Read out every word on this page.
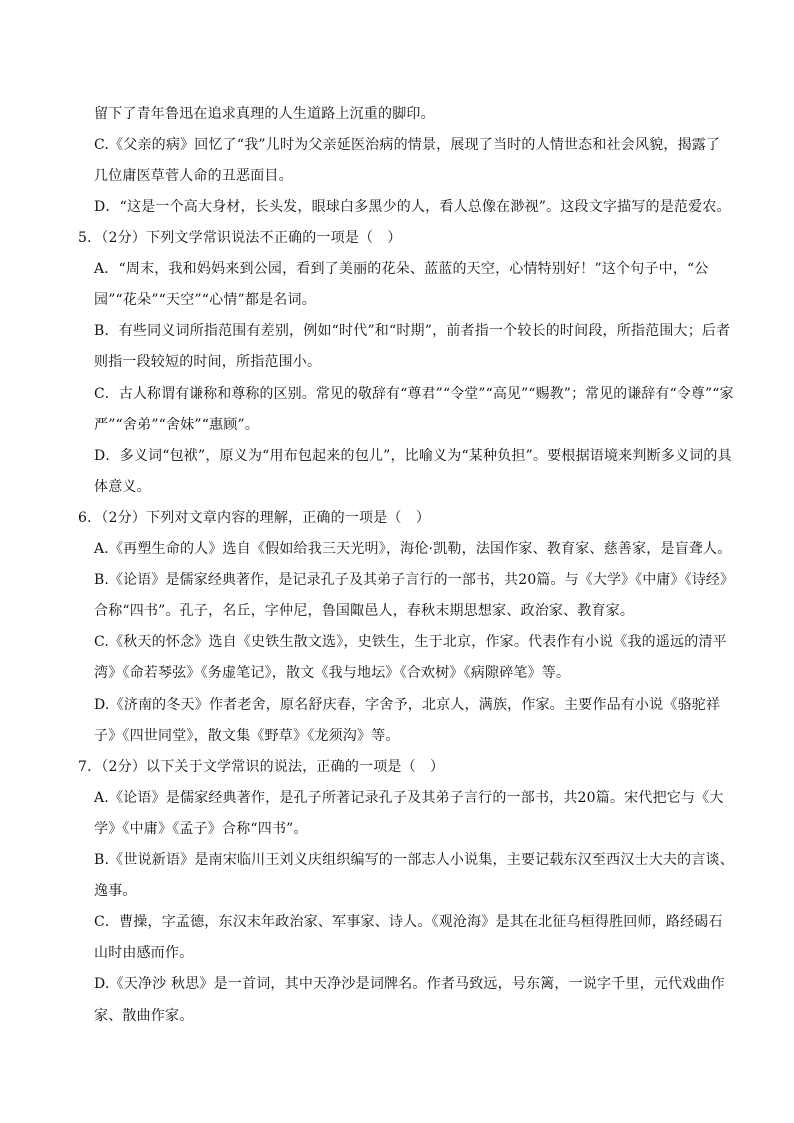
留下了青年鲁迅在追求真理的人生道路上沉重的脚印。
C.《父亲的病》回忆了“我”儿时为父亲延医治病的情景，展现了当时的人情世态和社会风貌，揭露了
几位庸医草菅人命的丑恶面目。
D．“这是一个高大身材，长头发，眼球白多黑少的人，看人总像在渺视”。这段文字描写的是范爱农。
5．（2分）下列文学常识说法不正确的一项是（　）
A．“周末，我和妈妈来到公园，看到了美丽的花朵、蓝蓝的天空，心情特别好！”这个句子中，“公
园”“花朵”“天空”“心情”都是名词。
B．有些同义词所指范围有差别，例如“时代”和“时期”，前者指一个较长的时间段，所指范围大；后者
则指一段较短的时间，所指范围小。
C．古人称谓有谦称和尊称的区别。常见的敬辞有“尊君”“令堂”“高见”“赐教”；常见的谦辞有“令尊”“家
严”“舍弟”“舍妹”“惠顾”。
D．多义词“包袱”，原义为“用布包起来的包儿”，比喻义为“某种负担”。要根据语境来判断多义词的具
体意义。
6．（2分）下列对文章内容的理解，正确的一项是（　）
A.《再塑生命的人》选自《假如给我三天光明》，海伦·凯勒，法国作家、教育家、慈善家，是盲聋人。
B.《论语》是儒家经典著作，是记录孔子及其弟子言行的一部书，共20篇。与《大学》《中庸》《诗经》
合称“四书”。孔子，名丘，字仲尼，鲁国陬邑人，春秋末期思想家、政治家、教育家。
C.《秋天的怀念》选自《史铁生散文选》，史铁生，生于北京，作家。代表作有小说《我的遥远的清平
湾》《命若琴弦》《务虚笔记》，散文《我与地坛》《合欢树》《病隙碎笔》等。
D.《济南的冬天》作者老舍，原名舒庆春，字舍予，北京人，满族，作家。主要作品有小说《骆驼祥
子》《四世同堂》，散文集《野草》《龙须沟》等。
7．（2分）以下关于文学常识的说法，正确的一项是（　）
A.《论语》是儒家经典著作，是孔子所著记录孔子及其弟子言行的一部书，共20篇。宋代把它与《大
学》《中庸》《孟子》合称“四书”。
B.《世说新语》是南宋临川王刘义庆组织编写的一部志人小说集，主要记载东汉至西汉士大夫的言谈、
逸事。
C．曹操，字孟德，东汉末年政治家、军事家、诗人。《观沧海》是其在北征乌桓得胜回师，路经碣石
山时由感而作。
D.《天净沙 秋思》是一首词，其中天净沙是词牌名。作者马致远，号东篱，一说字千里，元代戏曲作
家、散曲作家。
